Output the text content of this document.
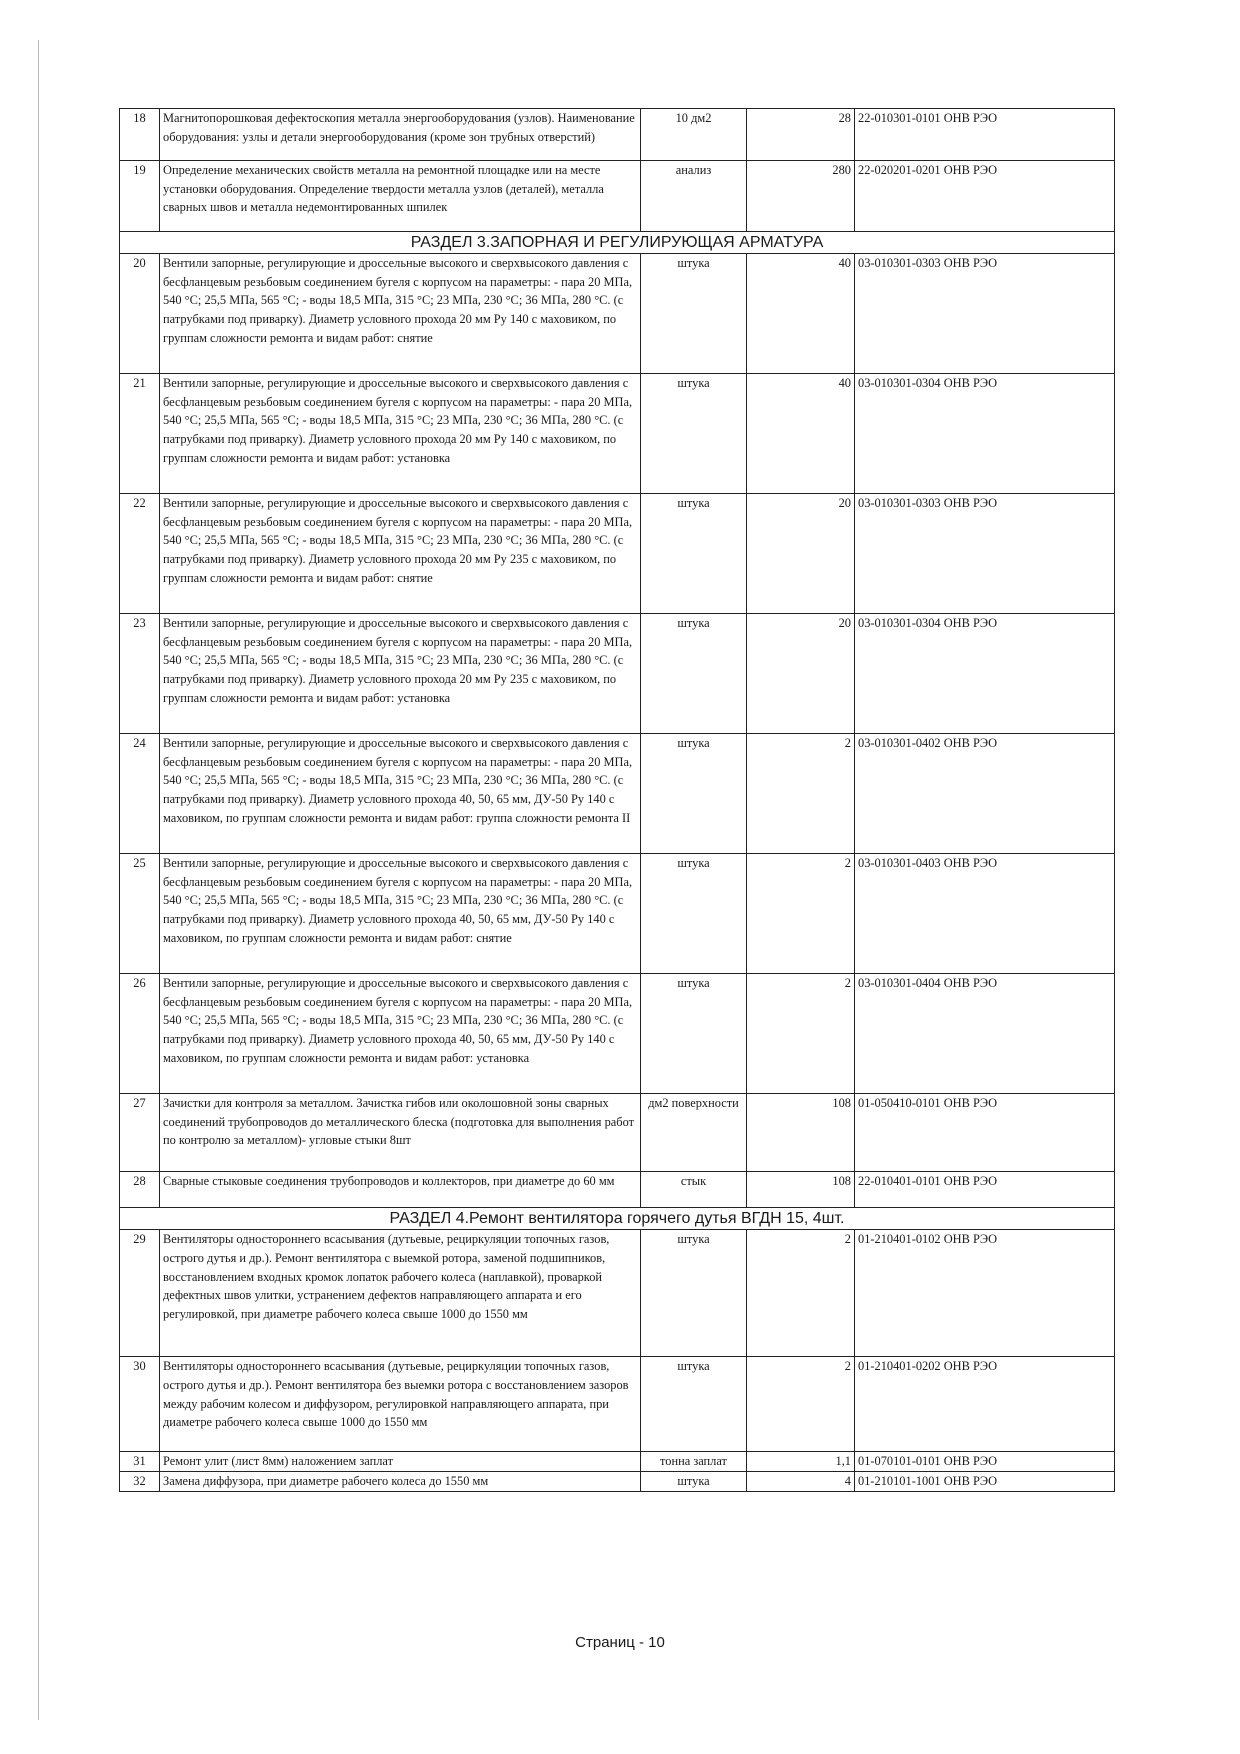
18	Магнитопорошковая дефектоскопия металла энергооборудования (узлов). Наименование оборудования: узлы и детали энергооборудования (кроме зон трубных отверстий)	10 дм2	28	22-010301-0101 ОНВ РЭО
19	Определение механических свойств металла на ремонтной площадке или на месте установки оборудования. Определение твердости металла узлов (деталей), металла сварных швов и металла недемонтированных шпилек	анализ	280	22-020201-0201 ОНВ РЭО
РАЗДЕЛ 3.ЗАПОРНАЯ И РЕГУЛИРУЮЩАЯ АРМАТУРА				
20	Вентили запорные, регулирующие и дроссельные высокого и сверхвысокого давления с бесфланцевым резьбовым соединением бугеля с корпусом на параметры: - пара 20 МПа, 540 °С; 25,5 МПа, 565 °С; - воды 18,5 МПа, 315 °С; 23 МПа, 230 °С; 36 МПа, 280 °С. (с патрубками под приварку). Диаметр условного прохода 20 мм Ру 140 с маховиком, по группам сложности ремонта и видам работ: снятие	штука	40	03-010301-0303 ОНВ РЭО
21	Вентили запорные, регулирующие и дроссельные высокого и сверхвысокого давления с бесфланцевым резьбовым соединением бугеля с корпусом на параметры: - пара 20 МПа, 540 °С; 25,5 МПа, 565 °С; - воды 18,5 МПа, 315 °С; 23 МПа, 230 °С; 36 МПа, 280 °С. (с патрубками под приварку). Диаметр условного прохода 20 мм Ру 140 с маховиком, по группам сложности ремонта и видам работ: установка	штука	40	03-010301-0304 ОНВ РЭО
22	Вентили запорные, регулирующие и дроссельные высокого и сверхвысокого давления с бесфланцевым резьбовым соединением бугеля с корпусом на параметры: - пара 20 МПа, 540 °С; 25,5 МПа, 565 °С; - воды 18,5 МПа, 315 °С; 23 МПа, 230 °С; 36 МПа, 280 °С. (с патрубками под приварку). Диаметр условного прохода 20 мм Ру 235 с маховиком, по группам сложности ремонта и видам работ: снятие	штука	20	03-010301-0303 ОНВ РЭО
23	Вентили запорные, регулирующие и дроссельные высокого и сверхвысокого давления с бесфланцевым резьбовым соединением бугеля с корпусом на параметры: - пара 20 МПа, 540 °С; 25,5 МПа, 565 °С; - воды 18,5 МПа, 315 °С; 23 МПа, 230 °С; 36 МПа, 280 °С. (с патрубками под приварку). Диаметр условного прохода 20 мм Ру 235 с маховиком, по группам сложности ремонта и видам работ: установка	штука	20	03-010301-0304 ОНВ РЭО
24	Вентили запорные, регулирующие и дроссельные высокого и сверхвысокого давления с бесфланцевым резьбовым соединением бугеля с корпусом на параметры: - пара 20 МПа, 540 °С; 25,5 МПа, 565 °С; - воды 18,5 МПа, 315 °С; 23 МПа, 230 °С; 36 МПа, 280 °С. (с патрубками под приварку). Диаметр условного прохода 40, 50, 65 мм, ДУ-50 Ру 140 с маховиком, по группам сложности ремонта и видам работ: группа сложности ремонта II	штука	2	03-010301-0402 ОНВ РЭО
25	Вентили запорные, регулирующие и дроссельные высокого и сверхвысокого давления с бесфланцевым резьбовым соединением бугеля с корпусом на параметры: - пара 20 МПа, 540 °С; 25,5 МПа, 565 °С; - воды 18,5 МПа, 315 °С; 23 МПа, 230 °С; 36 МПа, 280 °С. (с патрубками под приварку). Диаметр условного прохода 40, 50, 65 мм, ДУ-50 Ру 140 с маховиком, по группам сложности ремонта и видам работ: снятие	штука	2	03-010301-0403 ОНВ РЭО
26	Вентили запорные, регулирующие и дроссельные высокого и сверхвысокого давления с бесфланцевым резьбовым соединением бугеля с корпусом на параметры: - пара 20 МПа, 540 °С; 25,5 МПа, 565 °С; - воды 18,5 МПа, 315 °С; 23 МПа, 230 °С; 36 МПа, 280 °С. (с патрубками под приварку). Диаметр условного прохода 40, 50, 65 мм, ДУ-50 Ру 140 с маховиком, по группам сложности ремонта и видам работ: установка	штука	2	03-010301-0404 ОНВ РЭО
27	Зачистки для контроля за металлом. Зачистка гибов или околошовной зоны сварных соединений трубопроводов до металлического блеска (подготовка для выполнения работ по контролю за металлом)- угловые стыки 8шт	дм2 поверхности	108	01-050410-0101 ОНВ РЭО
28	Сварные стыковые соединения трубопроводов и коллекторов, при диаметре до 60 мм	стык	108	22-010401-0101 ОНВ РЭО
РАЗДЕЛ 4.Ремонт вентилятора горячего дутья ВГДН 15, 4шт.				
29	Вентиляторы одностороннего всасывания (дутьевые, рециркуляции топочных газов, острого дутья и др.). Ремонт вентилятора с выемкой ротора, заменой подшипников, восстановлением входных кромок лопаток рабочего колеса (наплавкой), проваркой дефектных швов улитки, устранением дефектов направляющего аппарата и его регулировкой, при диаметре рабочего колеса свыше 1000 до 1550 мм	штука	2	01-210401-0102 ОНВ РЭО
30	Вентиляторы одностороннего всасывания (дутьевые, рециркуляции топочных газов, острого дутья и др.). Ремонт вентилятора без выемки ротора с восстановлением зазоров между рабочим колесом и диффузором, регулировкой направляющего аппарата, при диаметре рабочего колеса свыше 1000 до 1550 мм	штука	2	01-210401-0202 ОНВ РЭО
31	Ремонт улит (лист 8мм) наложением заплат	тонна заплат	1,1	01-070101-0101 ОНВ РЭО
32	Замена диффузора, при диаметре рабочего колеса до 1550 мм	штука	4	01-210101-1001 ОНВ РЭО
Страниц - 10
